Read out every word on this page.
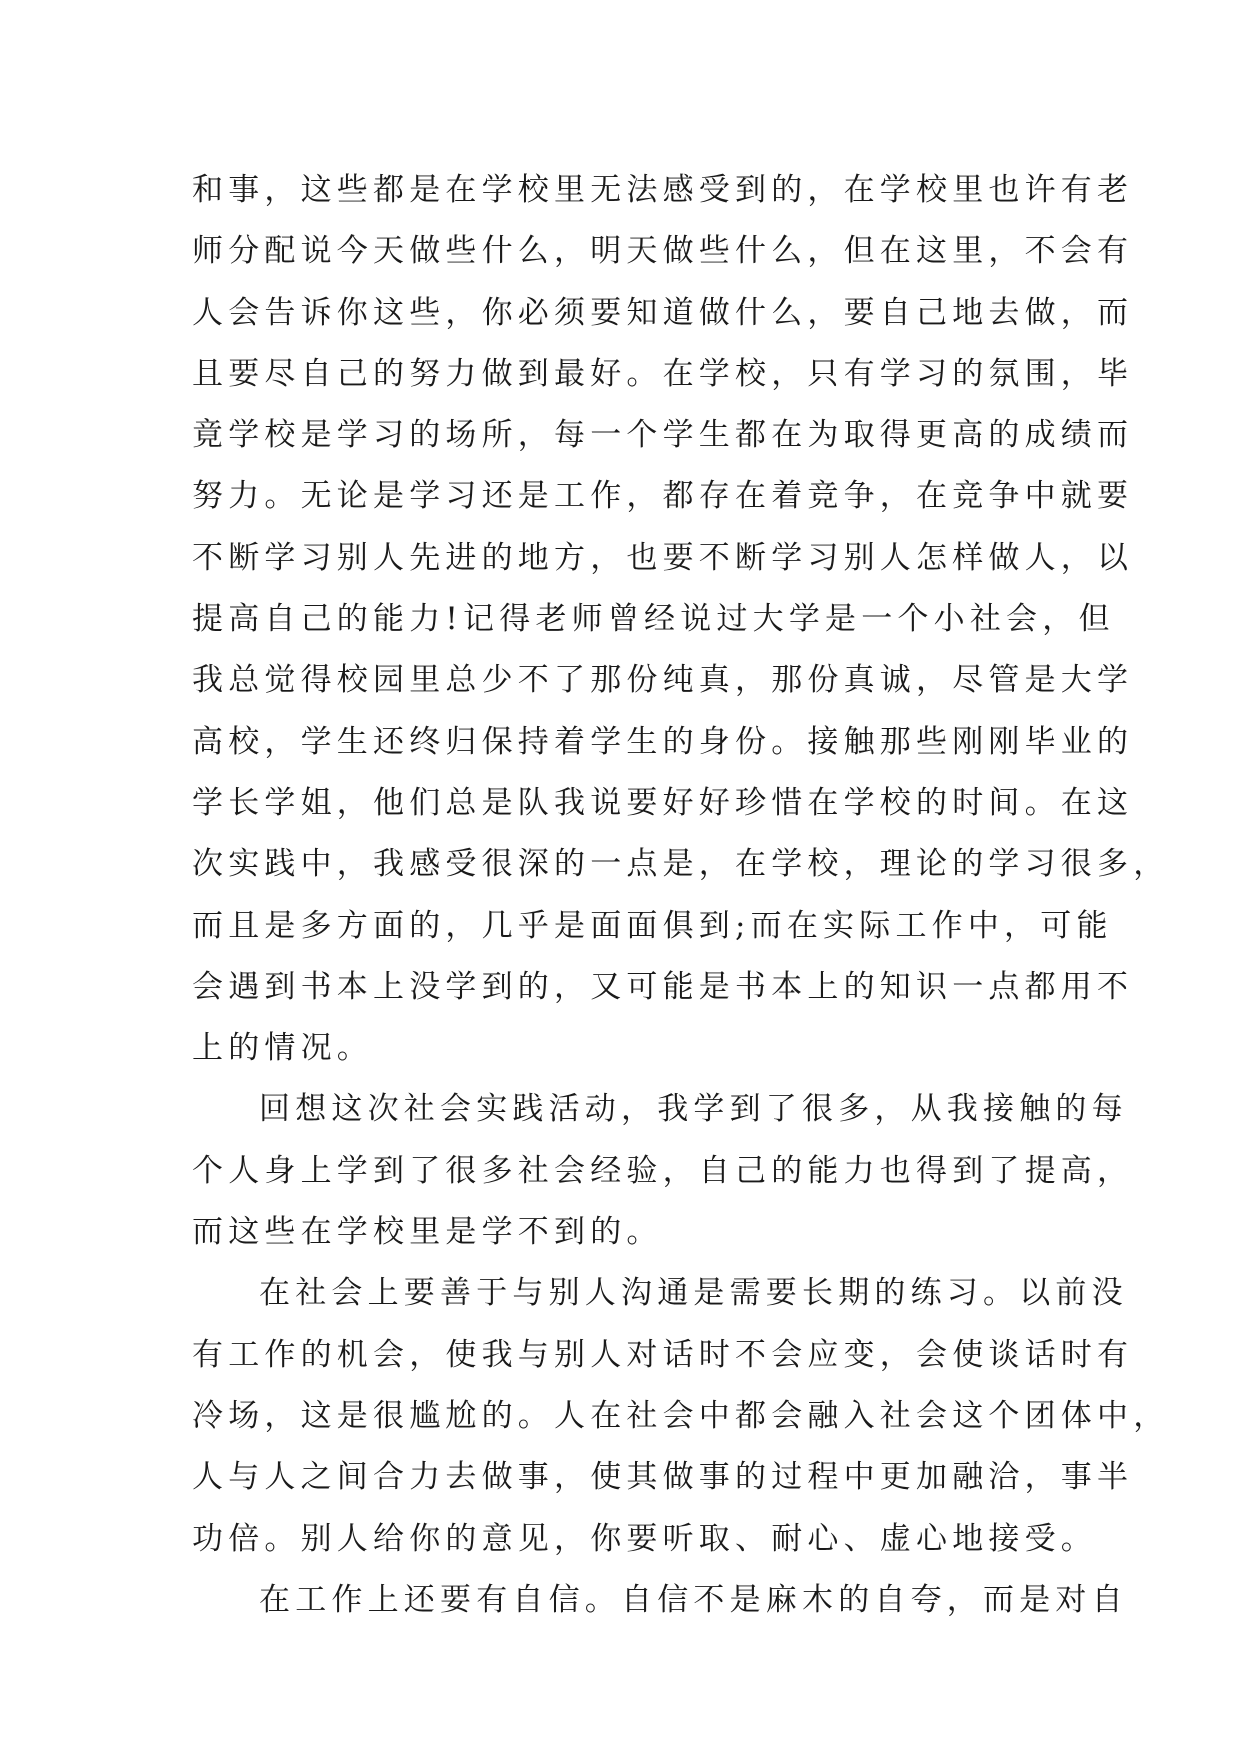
和事，这些都是在学校里无法感受到的，在学校里也许有老
师分配说今天做些什么，明天做些什么，但在这里，不会有
人会告诉你这些，你必须要知道做什么，要自己地去做，而
且要尽自己的努力做到最好。在学校，只有学习的氛围，毕
竟学校是学习的场所，每一个学生都在为取得更高的成绩而
努力。无论是学习还是工作，都存在着竞争，在竞争中就要
不断学习别人先进的地方，也要不断学习别人怎样做人，以
提高自己的能力!记得老师曾经说过大学是一个小社会，但
我总觉得校园里总少不了那份纯真，那份真诚，尽管是大学
高校，学生还终归保持着学生的身份。接触那些刚刚毕业的
学长学姐，他们总是队我说要好好珍惜在学校的时间。在这
次实践中，我感受很深的一点是，在学校，理论的学习很多，
而且是多方面的，几乎是面面俱到;而在实际工作中，可能
会遇到书本上没学到的，又可能是书本上的知识一点都用不
上的情况。
回想这次社会实践活动，我学到了很多，从我接触的每
个人身上学到了很多社会经验，自己的能力也得到了提高，
而这些在学校里是学不到的。
在社会上要善于与别人沟通是需要长期的练习。以前没
有工作的机会，使我与别人对话时不会应变，会使谈话时有
冷场，这是很尴尬的。人在社会中都会融入社会这个团体中，
人与人之间合力去做事，使其做事的过程中更加融洽，事半
功倍。别人给你的意见，你要听取、耐心、虚心地接受。
在工作上还要有自信。自信不是麻木的自夸，而是对自
